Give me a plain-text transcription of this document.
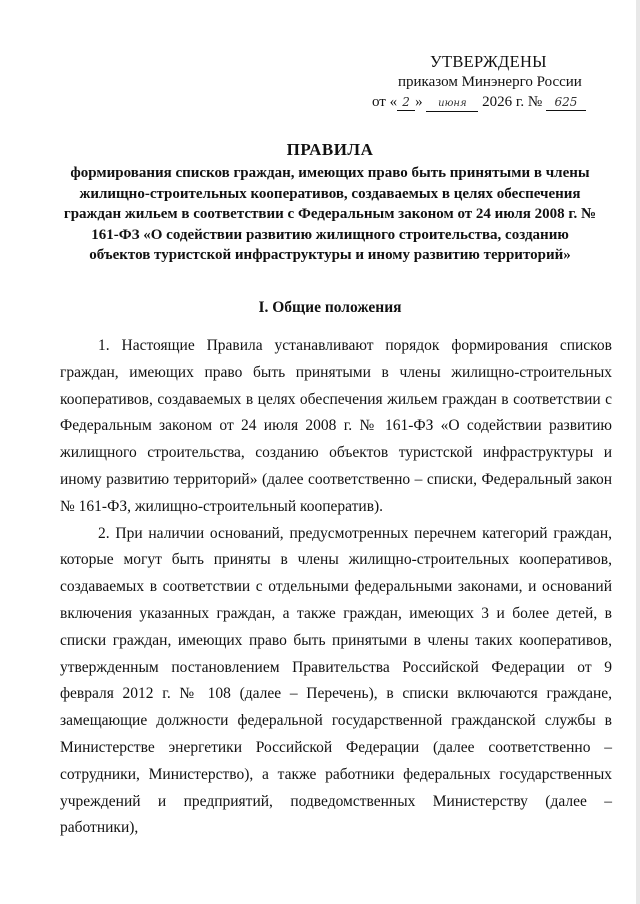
УТВЕРЖДЕНЫ
приказом Минэнерго России
от « 2 » июня 2026 г. № 625
ПРАВИЛА
формирования списков граждан, имеющих право быть принятыми в члены жилищно-строительных кооперативов, создаваемых в целях обеспечения граждан жильем в соответствии с Федеральным законом от 24 июля 2008 г. № 161-ФЗ «О содействии развитию жилищного строительства, созданию объектов туристской инфраструктуры и иному развитию территорий»
I. Общие положения

1. Настоящие Правила устанавливают порядок формирования списков граждан, имеющих право быть принятыми в члены жилищно-строительных кооперативов, создаваемых в целях обеспечения жильем граждан в соответствии с Федеральным законом от 24 июля 2008 г. № 161-ФЗ «О содействии развитию жилищного строительства, созданию объектов туристской инфраструктуры и иному развитию территорий» (далее соответственно – списки, Федеральный закон № 161-ФЗ, жилищно-строительный кооператив).

2. При наличии оснований, предусмотренных перечнем категорий граждан, которые могут быть приняты в члены жилищно-строительных кооперативов, создаваемых в соответствии с отдельными федеральными законами, и оснований включения указанных граждан, а также граждан, имеющих 3 и более детей, в списки граждан, имеющих право быть принятыми в члены таких кооперативов, утвержденным постановлением Правительства Российской Федерации от 9 февраля 2012 г. № 108 (далее – Перечень), в списки включаются граждане, замещающие должности федеральной государственной гражданской службы в Министерстве энергетики Российской Федерации (далее соответственно – сотрудники, Министерство), а также работники федеральных государственных учреждений и предприятий, подведомственных Министерству (далее – работники),
